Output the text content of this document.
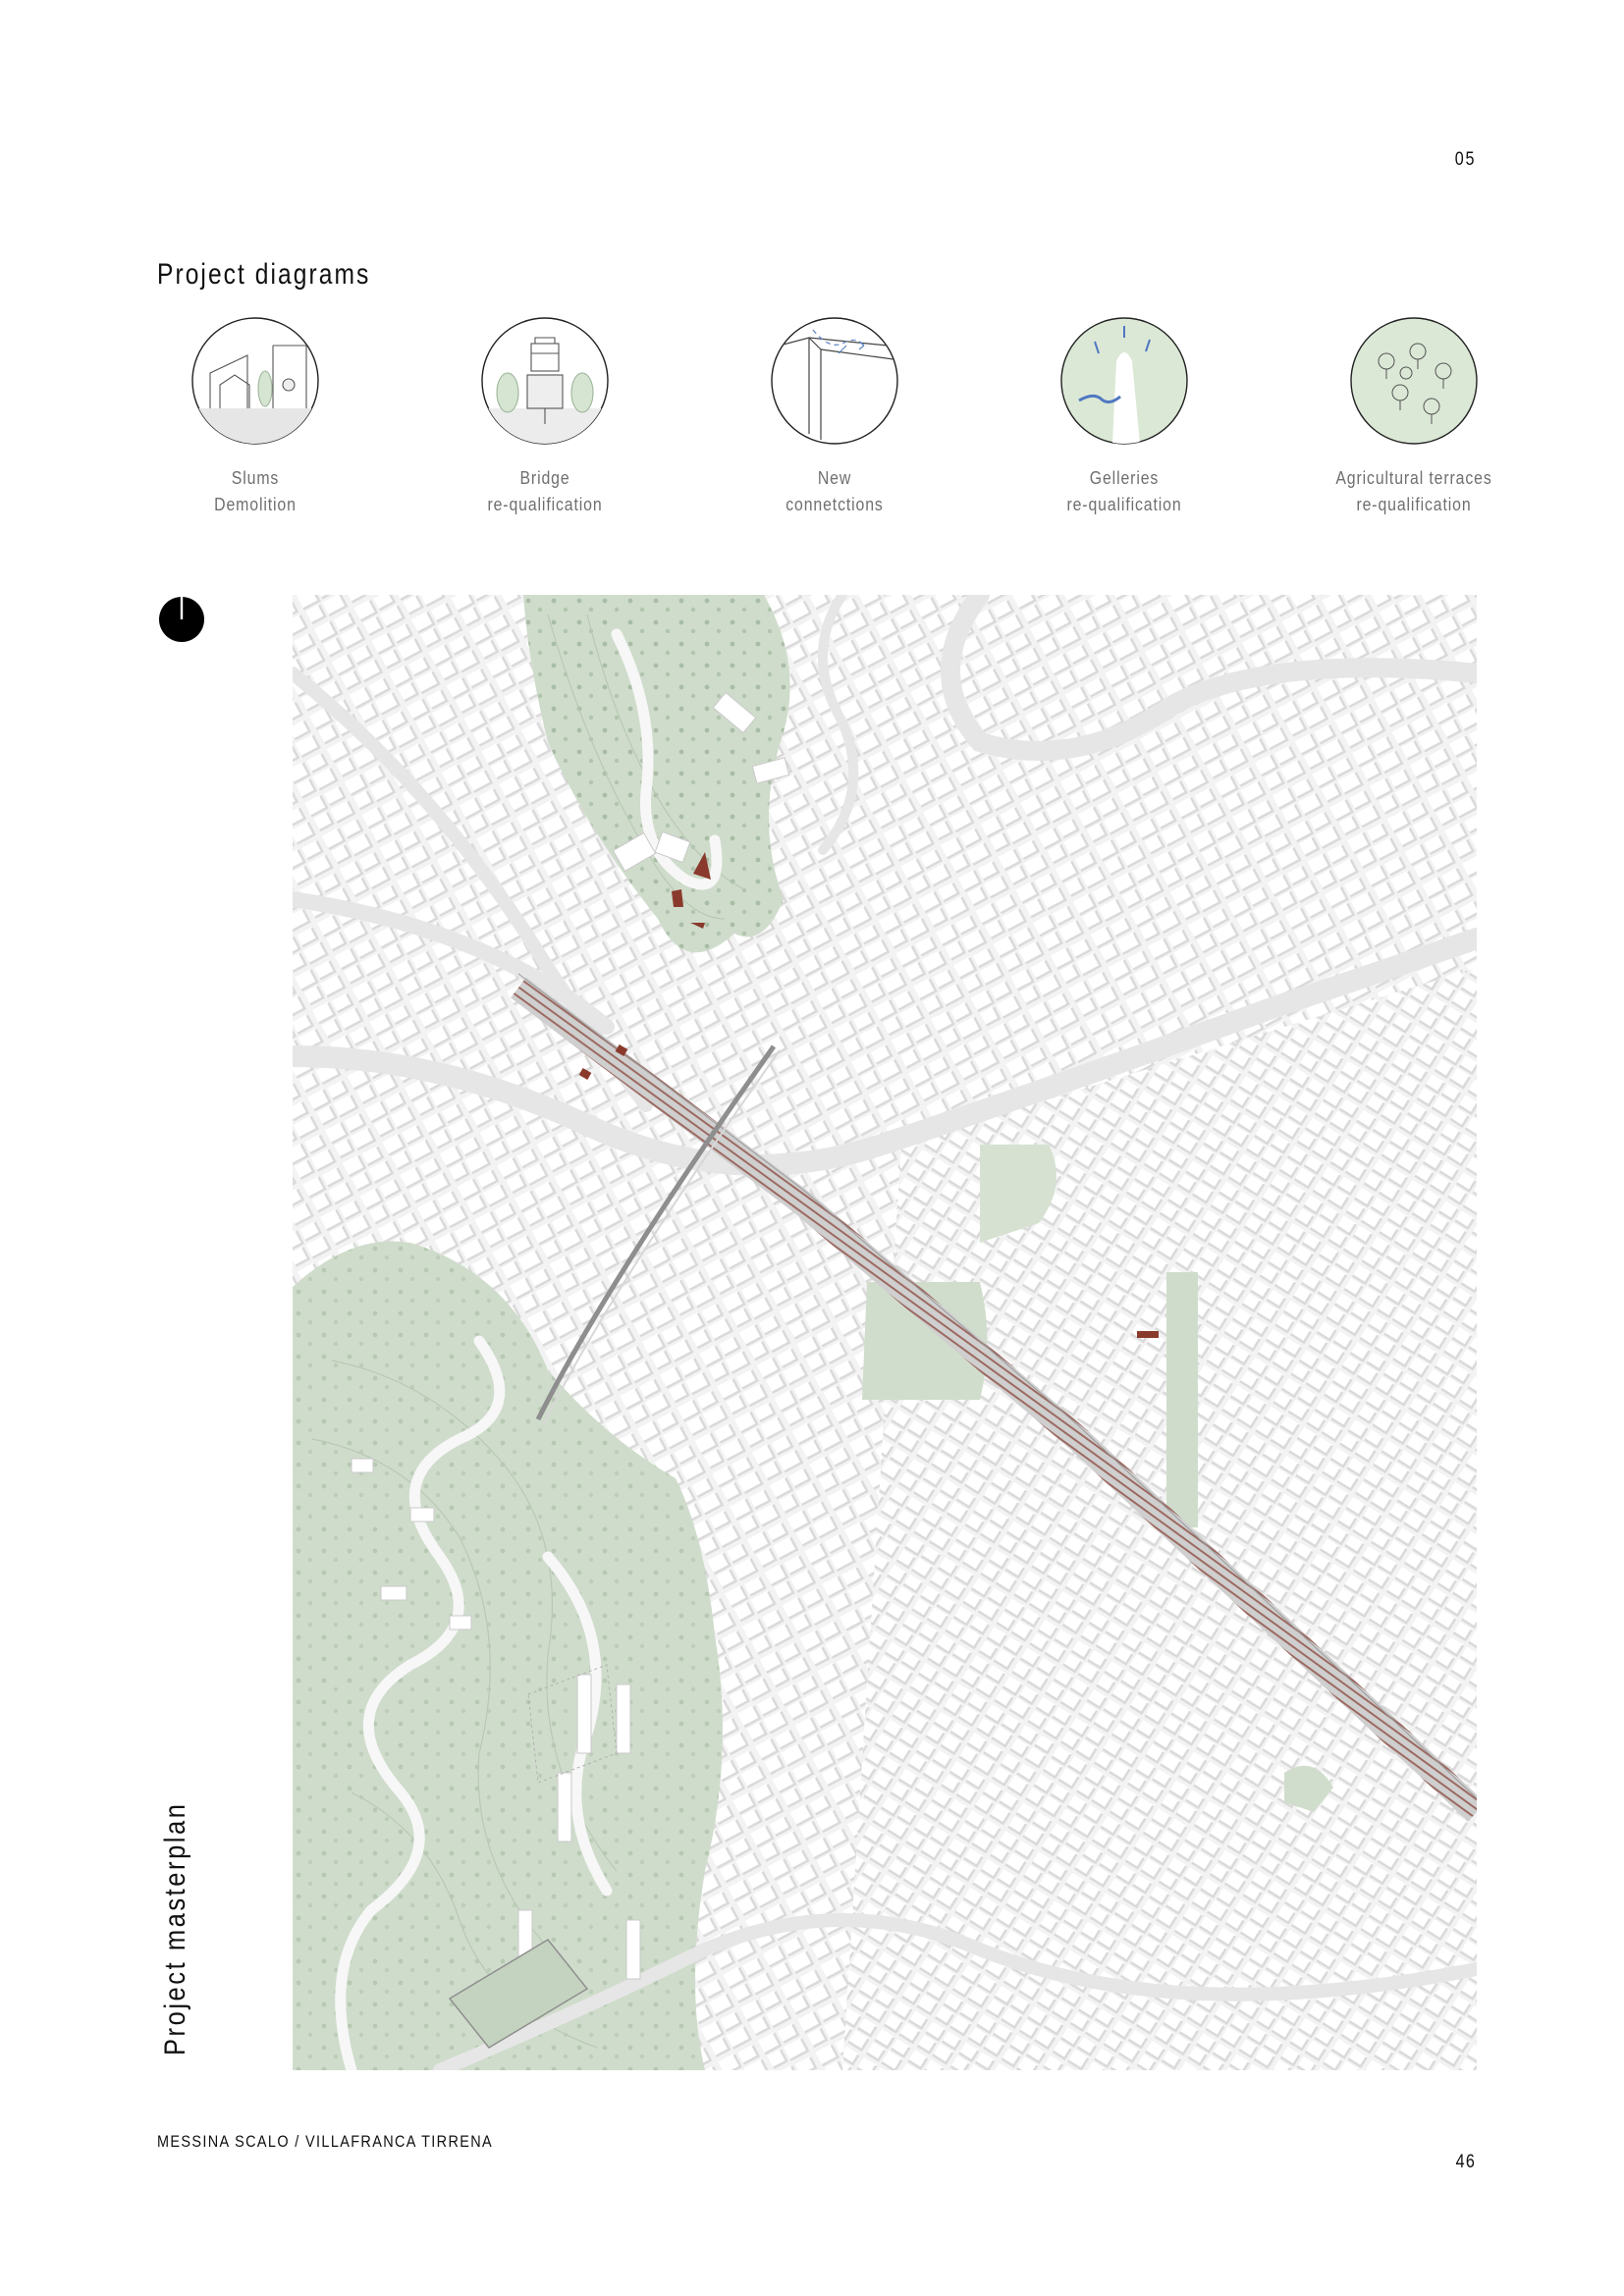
05
Project diagrams
Slums
Demolition
Bridge
re-qualification
New
connetctions
Gelleries
re-qualification
Agricultural terraces
re-qualification
Project masterplan
MESSINA SCALO / VILLAFRANCA TIRRENA
46
